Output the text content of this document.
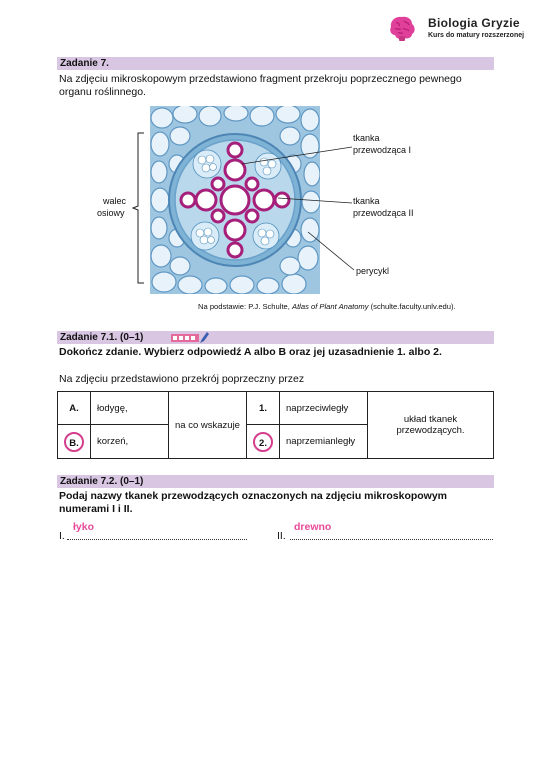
Biologia Gryzie
Kurs do matury rozszerzonej
Zadanie 7.
Na zdjęciu mikroskopowym przedstawiono fragment przekroju poprzecznego pewnego
organu roślinnego.
walec
osiowy
tkanka
przewodząca I
tkanka
przewodząca II
perycykl
Na podstawie: P.J. Schulte, Atlas of Plant Anatomy (schulte.faculty.unlv.edu).
Zadanie 7.1. (0–1)
Dokończ zdanie. Wybierz odpowiedź A albo B oraz jej uzasadnienie 1. albo 2.
Na zdjęciu przedstawiono przekrój poprzeczny przez
A.	łodygę,	na co wskazuje	1.	naprzeciwległy	układ tkanek przewodzących.
B.	korzeń,		2.	naprzemianległy	
Zadanie 7.2. (0–1)
Podaj nazwy tkanek przewodzących oznaczonych na zdjęciu mikroskopowym
numerami I i II.
łyko
I.
drewno
II.
